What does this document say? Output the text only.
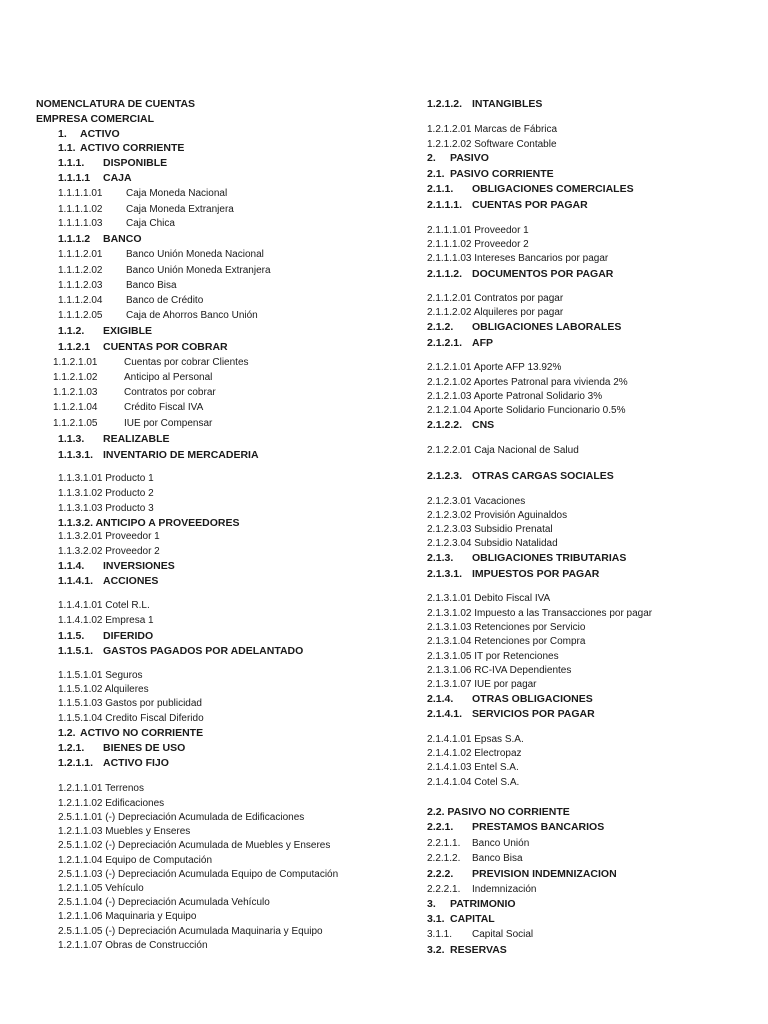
NOMENCLATURA DE CUENTAS
EMPRESA COMERCIAL
1. ACTIVO
1.1. ACTIVO CORRIENTE
1.1.1. DISPONIBLE
1.1.1.1 CAJA
1.1.1.1.01 Caja Moneda Nacional
1.1.1.1.02 Caja Moneda Extranjera
1.1.1.1.03 Caja Chica
1.1.1.2 BANCO
1.1.1.2.01 Banco Unión Moneda Nacional
1.1.1.2.02 Banco Unión Moneda Extranjera
1.1.1.2.03 Banco Bisa
1.1.1.2.04 Banco de Crédito
1.1.1.2.05 Caja de Ahorros Banco Unión
1.1.2. EXIGIBLE
1.1.2.1 CUENTAS POR COBRAR
1.1.2.1.01	Cuentas por cobrar Clientes
1.1.2.1.02	Anticipo al Personal
1.1.2.1.03	Contratos por cobrar
1.1.2.1.04	Crédito Fiscal IVA
1.1.2.1.05	IUE por Compensar
1.1.3. REALIZABLE
1.1.3.1. INVENTARIO DE MERCADERIA
1.1.3.1.01 Producto 1
1.1.3.1.02 Producto 2
1.1.3.1.03 Producto 3
1.1.3.2. ANTICIPO A PROVEEDORES
1.1.3.2.01 Proveedor 1
1.1.3.2.02 Proveedor 2
1.1.4. INVERSIONES
1.1.4.1. ACCIONES
1.1.4.1.01 Cotel R.L.
1.1.4.1.02 Empresa 1
1.1.5. DIFERIDO
1.1.5.1. GASTOS PAGADOS POR ADELANTADO
1.1.5.1.01 Seguros
1.1.5.1.02 Alquileres
1.1.5.1.03 Gastos por publicidad
1.1.5.1.04 Credito Fiscal Diferido
1.2. ACTIVO NO CORRIENTE
1.2.1. BIENES DE USO
1.2.1.1. ACTIVO FIJO
1.2.1.1.01 Terrenos
1.2.1.1.02 Edificaciones
2.5.1.1.01 (-) Depreciación Acumulada de Edificaciones
1.2.1.1.03 Muebles y Enseres
2.5.1.1.02 (-) Depreciación Acumulada de Muebles y Enseres
1.2.1.1.04 Equipo de Computación
2.5.1.1.03 (-) Depreciación Acumulada Equipo de Computación
1.2.1.1.05 Vehículo
2.5.1.1.04 (-) Depreciación Acumulada Vehículo
1.2.1.1.06 Maquinaria y Equipo
2.5.1.1.05 (-) Depreciación Acumulada Maquinaria y Equipo
1.2.1.1.07 Obras de Construcción
1.2.1.2. INTANGIBLES
1.2.1.2.01 Marcas de Fábrica
1.2.1.2.02 Software Contable
2. PASIVO
2.1. PASIVO CORRIENTE
2.1.1. OBLIGACIONES COMERCIALES
2.1.1.1. CUENTAS POR PAGAR
2.1.1.1.01 Proveedor 1
2.1.1.1.02 Proveedor 2
2.1.1.1.03 Intereses Bancarios por pagar
2.1.1.2. DOCUMENTOS POR PAGAR
2.1.1.2.01 Contratos por pagar
2.1.1.2.02 Alquileres por pagar
2.1.2. OBLIGACIONES LABORALES
2.1.2.1. AFP
2.1.2.1.01 Aporte AFP 13.92%
2.1.2.1.02 Aportes Patronal para vivienda 2%
2.1.2.1.03 Aporte Patronal Solidario 3%
2.1.2.1.04 Aporte Solidario Funcionario 0.5%
2.1.2.2. CNS
2.1.2.2.01 Caja Nacional de Salud
2.1.2.3. OTRAS CARGAS SOCIALES
2.1.2.3.01 Vacaciones
2.1.2.3.02 Provisión Aguinaldos
2.1.2.3.03 Subsidio Prenatal
2.1.2.3.04 Subsidio Natalidad
2.1.3. OBLIGACIONES TRIBUTARIAS
2.1.3.1. IMPUESTOS POR PAGAR
2.1.3.1.01 Debito Fiscal IVA
2.1.3.1.02 Impuesto a las Transacciones por pagar
2.1.3.1.03 Retenciones por Servicio
2.1.3.1.04 Retenciones por Compra
2.1.3.1.05 IT por Retenciones
2.1.3.1.06 RC-IVA Dependientes
2.1.3.1.07 IUE por pagar
2.1.4. OTRAS OBLIGACIONES
2.1.4.1. SERVICIOS POR PAGAR
2.1.4.1.01 Epsas S.A.
2.1.4.1.02 Electropaz
2.1.4.1.03 Entel S.A.
2.1.4.1.04 Cotel S.A.
2.2. PASIVO NO CORRIENTE
2.2.1. PRESTAMOS BANCARIOS
2.2.1.1. Banco Unión
2.2.1.2. Banco Bisa
2.2.2. PREVISION INDEMNIZACION
2.2.2.1. Indemnización
3. PATRIMONIO
3.1. CAPITAL
3.1.1. Capital Social
3.2. RESERVAS
